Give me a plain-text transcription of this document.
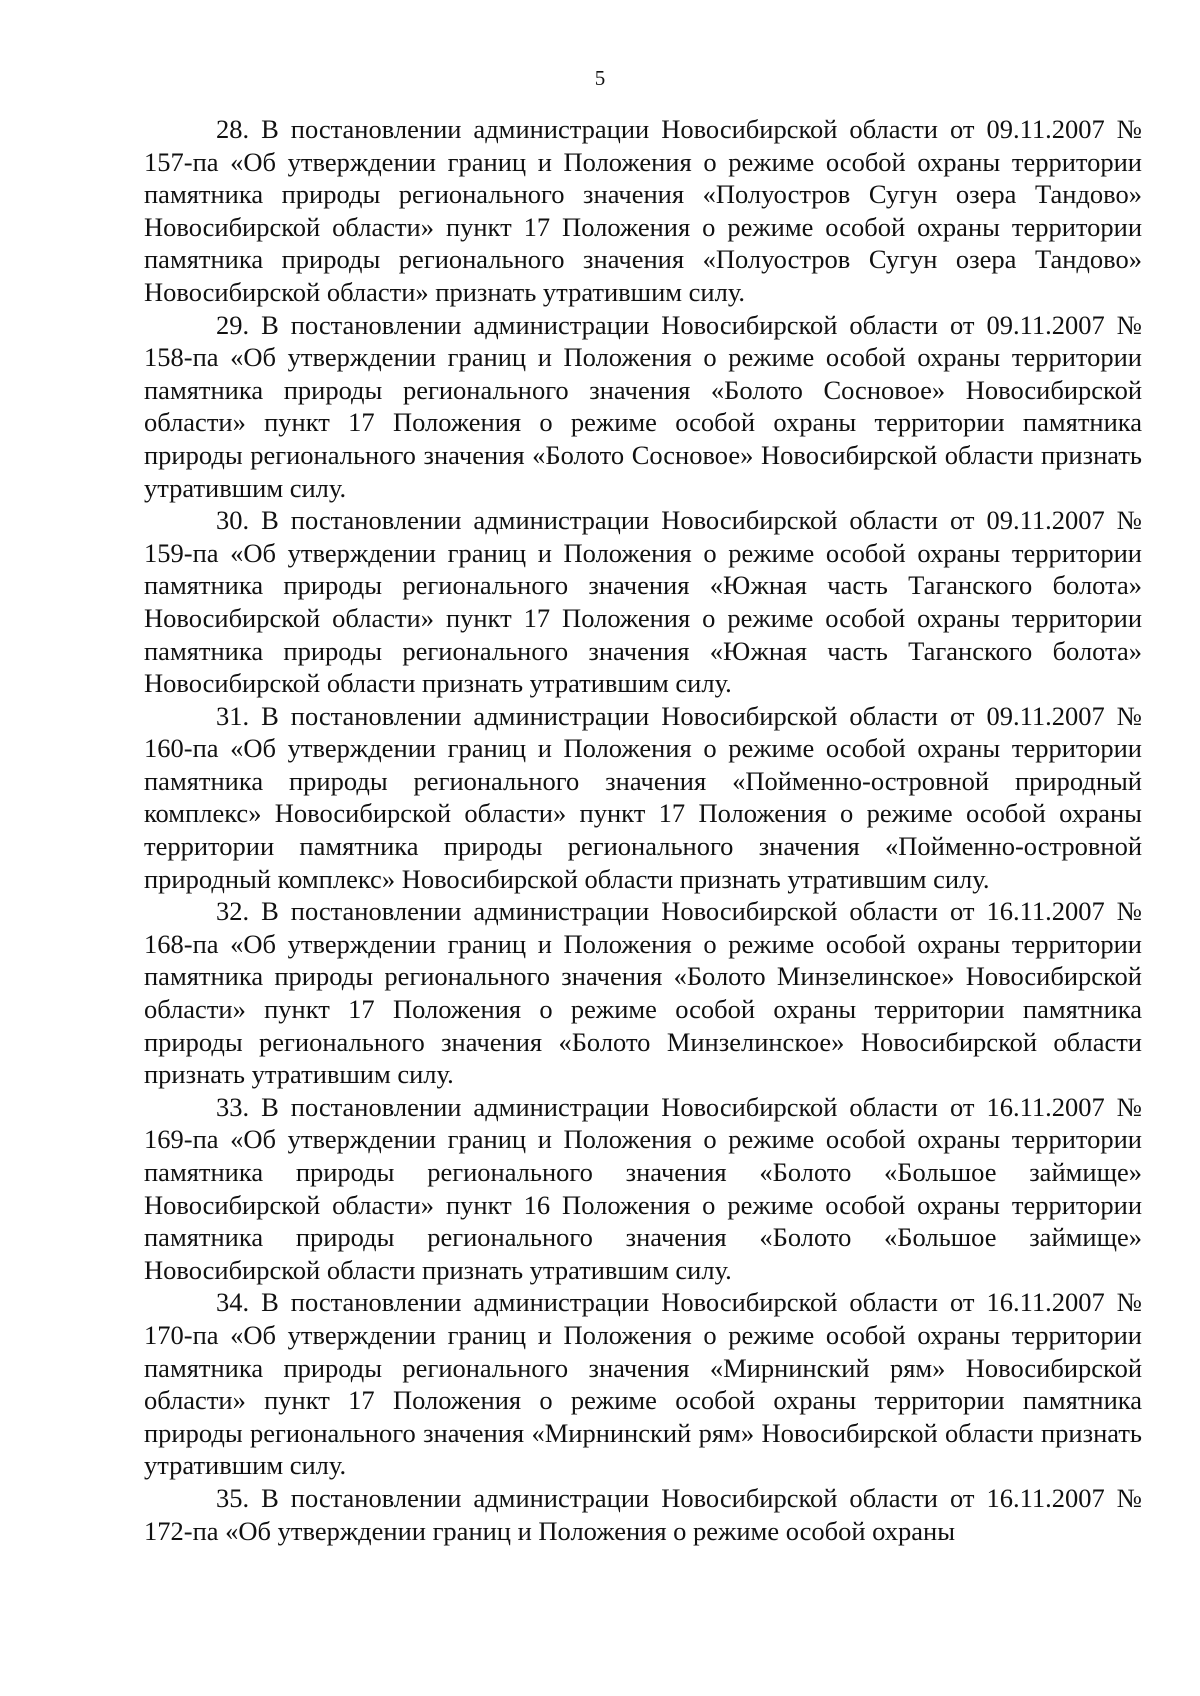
5

28. В постановлении администрации Новосибирской области от 09.11.2007 № 157-па «Об утверждении границ и Положения о режиме особой охраны территории памятника природы регионального значения «Полуостров Сугун озера Тандово» Новосибирской области» пункт 17 Положения о режиме особой охраны территории памятника природы регионального значения «Полуостров Сугун озера Тандово» Новосибирской области» признать утратившим силу.

29. В постановлении администрации Новосибирской области от 09.11.2007 № 158-па «Об утверждении границ и Положения о режиме особой охраны территории памятника природы регионального значения «Болото Сосновое» Новосибирской области» пункт 17 Положения о режиме особой охраны территории памятника природы регионального значения «Болото Сосновое» Новосибирской области признать утратившим силу.

30. В постановлении администрации Новосибирской области от 09.11.2007 № 159-па «Об утверждении границ и Положения о режиме особой охраны территории памятника природы регионального значения «Южная часть Таганского болота» Новосибирской области» пункт 17 Положения о режиме особой охраны территории памятника природы регионального значения «Южная часть Таганского болота» Новосибирской области признать утратившим силу.

31. В постановлении администрации Новосибирской области от 09.11.2007 № 160-па «Об утверждении границ и Положения о режиме особой охраны территории памятника природы регионального значения «Пойменно-островной природный комплекс» Новосибирской области» пункт 17 Положения о режиме особой охраны территории памятника природы регионального значения «Пойменно-островной природный комплекс» Новосибирской области признать утратившим силу.

32. В постановлении администрации Новосибирской области от 16.11.2007 № 168-па «Об утверждении границ и Положения о режиме особой охраны территории памятника природы регионального значения «Болото Минзелинское» Новосибирской области» пункт 17 Положения о режиме особой охраны территории памятника природы регионального значения «Болото Минзелинское» Новосибирской области признать утратившим силу.

33. В постановлении администрации Новосибирской области от 16.11.2007 № 169-па «Об утверждении границ и Положения о режиме особой охраны территории памятника природы регионального значения «Болото «Большое займище» Новосибирской области» пункт 16 Положения о режиме особой охраны территории памятника природы регионального значения «Болото «Большое займище» Новосибирской области признать утратившим силу.

34. В постановлении администрации Новосибирской области от 16.11.2007 № 170-па «Об утверждении границ и Положения о режиме особой охраны территории памятника природы регионального значения «Мирнинский рям» Новосибирской области» пункт 17 Положения о режиме особой охраны территории памятника природы регионального значения «Мирнинский рям» Новосибирской области признать утратившим силу.

35. В постановлении администрации Новосибирской области от 16.11.2007 № 172-па «Об утверждении границ и Положения о режиме особой охраны
